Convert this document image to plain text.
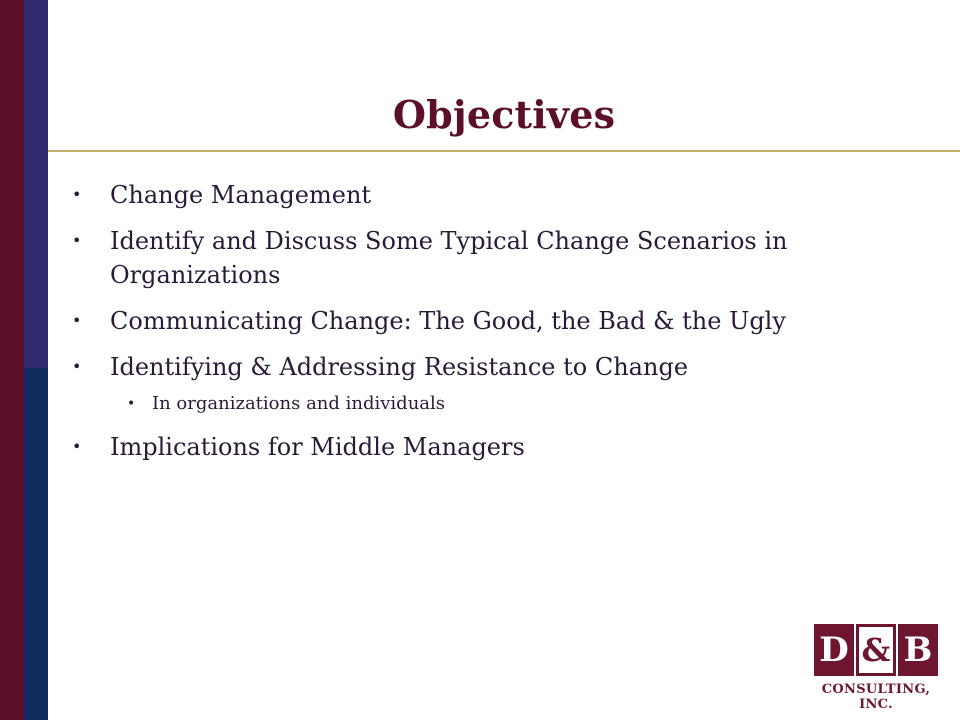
Objectives
• Change Management
• Identify and Discuss Some Typical Change Scenarios in Organizations
• Communicating Change: The Good, the Bad & the Ugly
• Identifying & Addressing Resistance to Change
• In organizations and individuals
• Implications for Middle Managers
D & B
CONSULTING, INC.
